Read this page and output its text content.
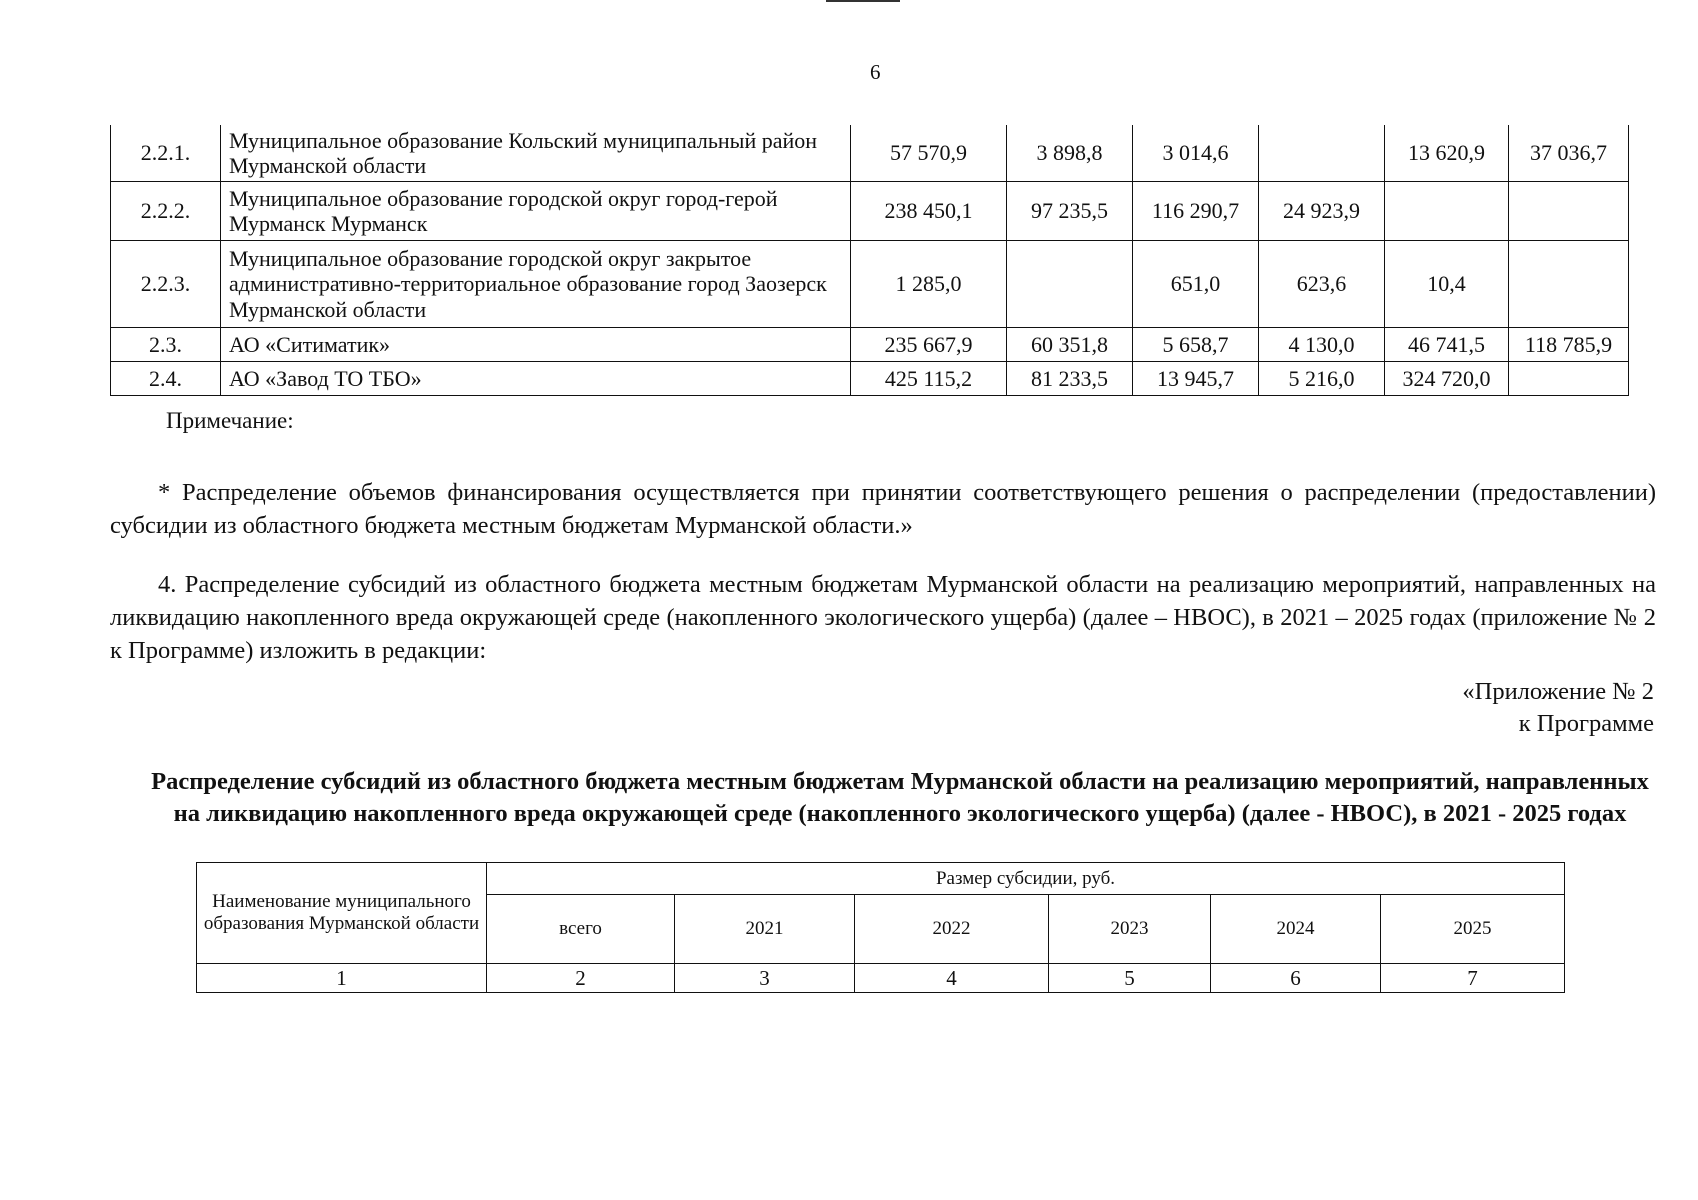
6
2.2.1.	Муниципальное образование Кольский муниципальный район Мурманской области	57 570,9	3 898,8	3 014,6		13 620,9	37 036,7
2.2.2.	Муниципальное образование городской округ город-герой Мурманск Мурманск	238 450,1	97 235,5	116 290,7	24 923,9		
2.2.3.	Муниципальное образование городской округ закрытое административно-территориальное образование город Заозерск Мурманской области	1 285,0		651,0	623,6	10,4	
2.3.	АО «Ситиматик»	235 667,9	60 351,8	5 658,7	4 130,0	46 741,5	118 785,9
2.4.	АО «Завод ТО ТБО»	425 115,2	81 233,5	13 945,7	5 216,0	324 720,0	
Примечание:
* Распределение объемов финансирования осуществляется при принятии соответствующего решения о распределении (предоставлении) субсидии из областного бюджета местным бюджетам Мурманской области.»
4. Распределение субсидий из областного бюджета местным бюджетам Мурманской области на реализацию мероприятий, направленных на ликвидацию накопленного вреда окружающей среде (накопленного экологического ущерба) (далее – НВОС), в 2021 – 2025 годах (приложение № 2 к Программе) изложить в редакции:
«Приложение № 2
к Программе
Распределение субсидий из областного бюджета местным бюджетам Мурманской области на реализацию мероприятий, направленных на ликвидацию накопленного вреда окружающей среде (накопленного экологического ущерба) (далее - НВОС), в 2021 - 2025 годах
Наименование муниципального образования Мурманской области	Размер субсидии, руб.					
	всего	2021	2022	2023	2024	2025
1	2	3	4	5	6	7
